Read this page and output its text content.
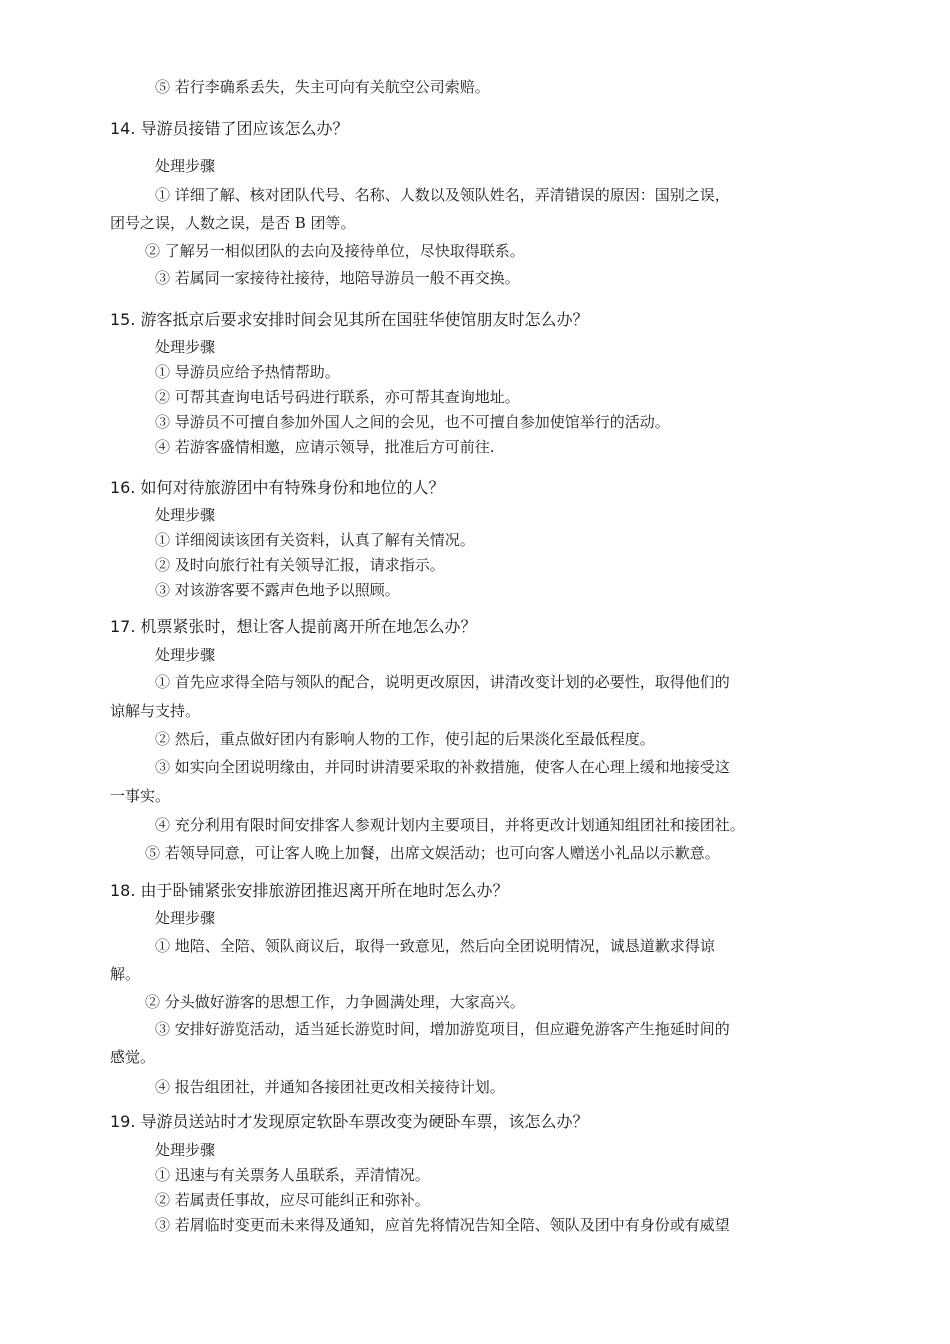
⑤ 若行李确系丢失，失主可向有关航空公司索赔。
14. 导游员接错了团应该怎么办？
处理步骤
① 详细了解、核对团队代号、名称、人数以及领队姓名，弄清错误的原因：国别之误，
团号之误，人数之误，是否 B 团等。
② 了解另一相似团队的去向及接待单位，尽快取得联系。
③ 若属同一家接待社接待，地陪导游员一般不再交换。
15. 游客抵京后要求安排时间会见其所在国驻华使馆朋友时怎么办？
处理步骤
① 导游员应给予热情帮助。
② 可帮其查询电话号码进行联系，亦可帮其查询地址。
③ 导游员不可擅自参加外国人之间的会见，也不可擅自参加使馆举行的活动。
④ 若游客盛情相邀，应请示领导，批准后方可前往.
16. 如何对待旅游团中有特殊身份和地位的人？
处理步骤
① 详细阅读该团有关资料，认真了解有关情况。
② 及时向旅行社有关领导汇报，请求指示。
③ 对该游客要不露声色地予以照顾。
17. 机票紧张时，想让客人提前离开所在地怎么办？
处理步骤
① 首先应求得全陪与领队的配合，说明更改原因，讲清改变计划的必要性，取得他们的
谅解与支持。
② 然后，重点做好团内有影响人物的工作，使引起的后果淡化至最低程度。
③ 如实向全团说明缘由，并同时讲清要采取的补救措施，使客人在心理上缓和地接受这
一事实。
④ 充分利用有限时间安排客人参观计划内主要项目，并将更改计划通知组团社和接团社。
⑤ 若领导同意，可让客人晚上加餐，出席文娱活动；也可向客人赠送小礼品以示歉意。
18. 由于卧铺紧张安排旅游团推迟离开所在地时怎么办？
处理步骤
① 地陪、全陪、领队商议后，取得一致意见，然后向全团说明情况，诚恳道歉求得谅
解。
② 分头做好游客的思想工作，力争圆满处理，大家高兴。
③ 安排好游览活动，适当延长游览时间，增加游览项目，但应避免游客产生拖延时间的
感觉。
④ 报告组团社，并通知各接团社更改相关接待计划。
19. 导游员送站时才发现原定软卧车票改变为硬卧车票，该怎么办？
处理步骤
① 迅速与有关票务人虽联系，弄清情况。
② 若属责任事故，应尽可能纠正和弥补。
③ 若屑临时变更而未来得及通知，应首先将情况告知全陪、领队及团中有身份或有威望
